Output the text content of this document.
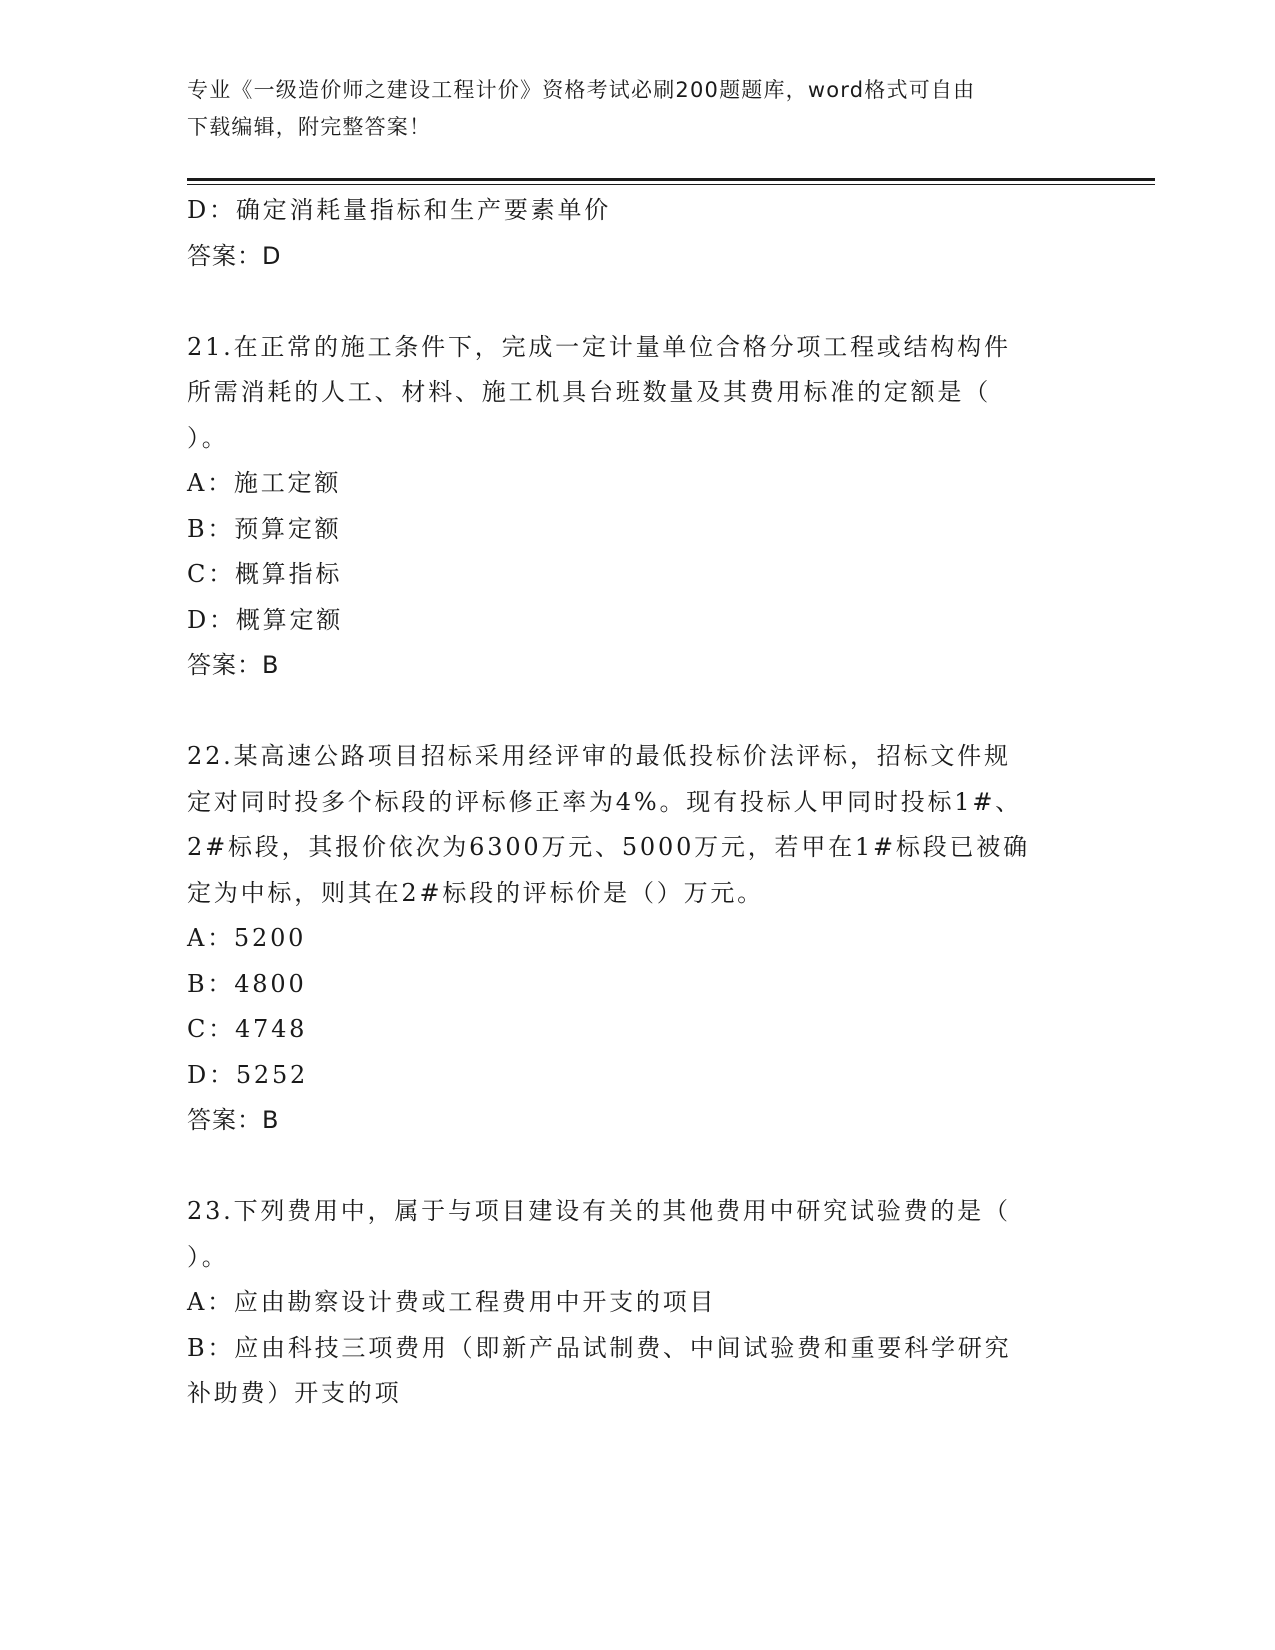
专业《一级造价师之建设工程计价》资格考试必刷200题题库，word格式可自由
下载编辑，附完整答案！
D：确定消耗量指标和生产要素单价
答案：D
21.在正常的施工条件下，完成一定计量单位合格分项工程或结构构件
所需消耗的人工、材料、施工机具台班数量及其费用标准的定额是（
）。
A：施工定额
B：预算定额
C：概算指标
D：概算定额
答案：B
22.某高速公路项目招标采用经评审的最低投标价法评标，招标文件规
定对同时投多个标段的评标修正率为4%。现有投标人甲同时投标1#、
2#标段，其报价依次为6300万元、5000万元，若甲在1#标段已被确
定为中标，则其在2#标段的评标价是（）万元。
A：5200
B：4800
C：4748
D：5252
答案：B
23.下列费用中，属于与项目建设有关的其他费用中研究试验费的是（
）。
A：应由勘察设计费或工程费用中开支的项目
B：应由科技三项费用（即新产品试制费、中间试验费和重要科学研究
补助费）开支的项
